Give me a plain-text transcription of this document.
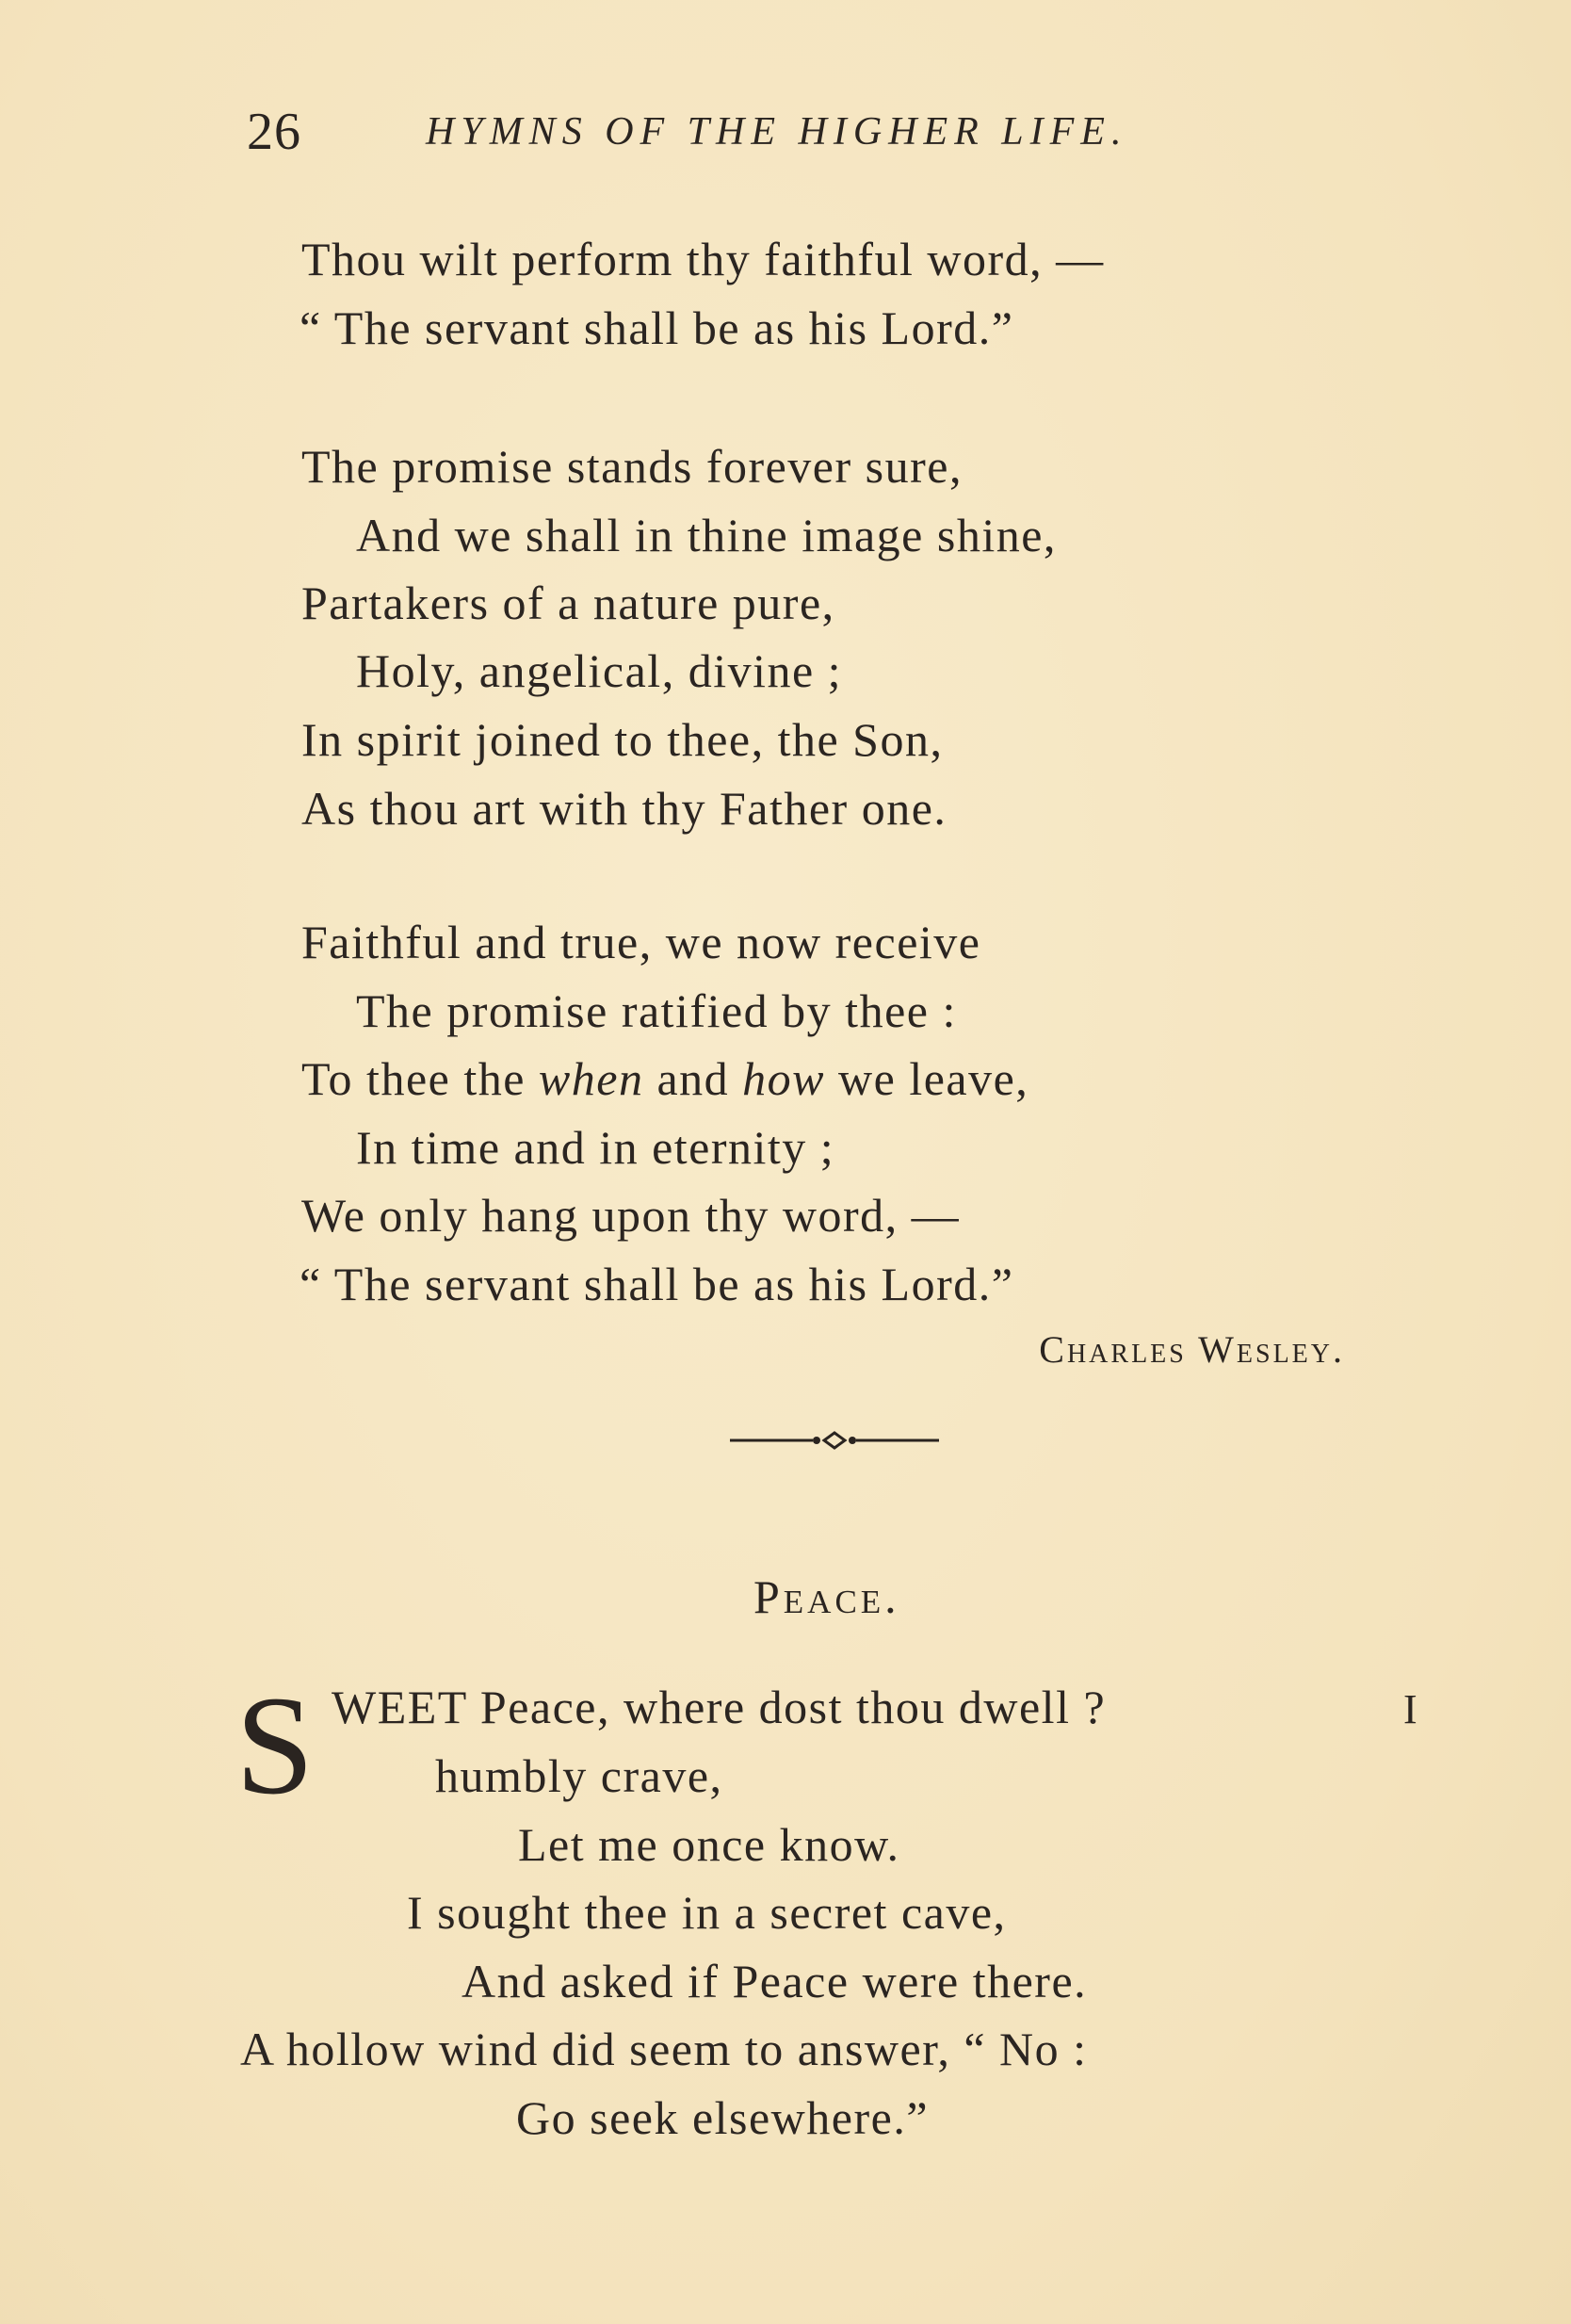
26	HYMNS OF THE HIGHER LIFE.
Thou wilt perform thy faithful word, —
“ The servant shall be as his Lord.”
The promise stands forever sure,
And we shall in thine image shine,
Partakers of a nature pure,
Holy, angelical, divine ;
In spirit joined to thee, the Son,
As thou art with thy Father one.
Faithful and true, we now receive
The promise ratified by thee :
To thee the when and how we leave,
In time and in eternity ;
We only hang upon thy word, —
“ The servant shall be as his Lord.”
Charles Wesley.
Peace.
S WEET Peace, where dost thou dwell ?	I
humbly crave,
Let me once know.
I sought thee in a secret cave,
And asked if Peace were there.
A hollow wind did seem to answer, “ No :
Go seek elsewhere.”
